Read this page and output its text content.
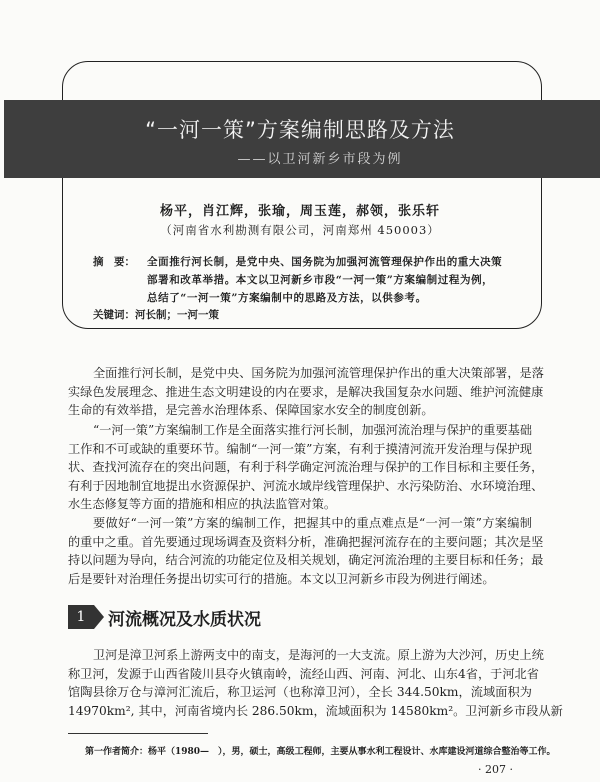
“一河一策”方案编制思路及方法
——以卫河新乡市段为例
杨平，肖江辉，张瑜，周玉莲，郝领，张乐轩
（河南省水利勘测有限公司，河南郑州 450003）
摘　要：	全面推行河长制，是党中央、国务院为加强河流管理保护作出的重大决策
部署和改革举措。本文以卫河新乡市段“一河一策”方案编制过程为例，
总结了“一河一策”方案编制中的思路及方法，以供参考。
关键词：河长制；一河一策
全面推行河长制，是党中央、国务院为加强河流管理保护作出的重大决策部署，是落
实绿色发展理念、推进生态文明建设的内在要求，是解决我国复杂水问题、维护河流健康
生命的有效举措，是完善水治理体系、保障国家水安全的制度创新。
“一河一策”方案编制工作是全面落实推行河长制，加强河流治理与保护的重要基础
工作和不可或缺的重要环节。编制“一河一策”方案，有利于摸清河流开发治理与保护现
状、查找河流存在的突出问题，有利于科学确定河流治理与保护的工作目标和主要任务，
有利于因地制宜地提出水资源保护、河流水域岸线管理保护、水污染防治、水环境治理、
水生态修复等方面的措施和相应的执法监管对策。
要做好“一河一策”方案的编制工作，把握其中的重点难点是“一河一策”方案编制
的重中之重。首先要通过现场调查及资料分析，准确把握河流存在的主要问题；其次是坚
持以问题为导向，结合河流的功能定位及相关规划，确定河流治理的主要目标和任务；最
后是要针对治理任务提出切实可行的措施。本文以卫河新乡市段为例进行阐述。
1	河流概况及水质状况
卫河是漳卫河系上游两支中的南支，是海河的一大支流。原上游为大沙河，历史上统
称卫河，发源于山西省陵川县夺火镇南岭，流经山西、河南、河北、山东4省，于河北省
馆陶县徐万仓与漳河汇流后，称卫运河（也称漳卫河），全长 344.50km，流域面积为
14970km², 其中，河南省境内长 286.50km，流域面积为 14580km²。卫河新乡市段从新
第一作者简介：杨平（1980—　），男，硕士，高级工程师，主要从事水利工程设计、水库建设河道综合整治等工作。
· 207 ·
